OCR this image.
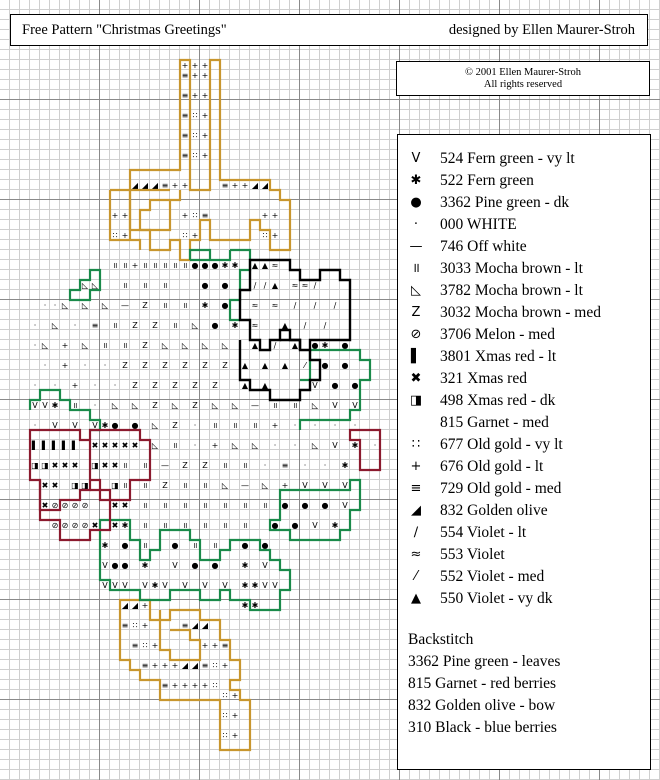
+ + +
≡ + +
≡ + +
≡ ∷ +
≡ ∷ +
≡ ∷ +
◢ ◢ ◢ ≡ + +	≡ + + ◢ ◢
+ +	+ ∷ ≡	+ +
∷ +	∷ +	∷ +
॥ ॥ + ॥ ॥ ॥ ॥ ॥ ● ● ● ✱ ✱ ▲ ▲ ≈
◺ ◺	॥ ॥ ॥	● ●	∕ ∕ ▲ ≈ ≈ ∕
· · ◺ ◺ ◺ — Z ॥ ॥ ✱ ●	≈ ≈ ∕ ∕ ∕
· ◺ · ≡ ॥ Z Z ॥ ◺ ● ✱ ≈	▲ ∕ ∕
· ◺ + ◺ ॥ ॥ Z ◺ ◺ ◺ ◺	▲ ∕ ▲ ● ✱ ●
· + · · Z Z Z Z Z Z ▲ ▲ ▲ ⁄ ● ●
· · + · · Z Z Z Z Z	▲ ▲	V ● ●
V V ✱ ॥ · ◺ ◺ Z ◺ Z ◺ ◺ — ॥ ॥ ◺ V V
· V V V ✱ ● ● ◺ Z · ॥ ॥ ॥ + · · · ·
▌ ▌ ▌ ▌ ▌ ✖ ✖ ✖ ✖ ✖ ◺ ॥ · + ◺ ◺ · · ◺ V ✱ ·
◨ ◨ ✖ ✖ ✖ ◨ ✖ ✖ ॥ ॥ — Z Z ॥ ॥ · ≡ · · ✱
✖ ✖ ◨ ◨	◨ ॥ ॥ Z ॥ ॥ ◺ — ◺ + V V V
✖ ⊘ ⊘ ⊘ ⊘	✖ ✖ ॥ ॥ ॥ ॥ ॥ ॥ ॥ ● ● ● V
⊘ ⊘ ⊘ ⊘ ✖ ✖ ✱ ॥ ॥ ॥ ॥ ॥ ॥	● ● V ✱
✱ ● ॥	● ॥ ॥	● ●
V ● ● ✱	V ● ●	✱ V
V V V V ✱ V V V V ✱ ✱ V V
✱ ✱
◢ ◢ +
≡ ∷ +	≡ ◢ ◢
≡ ∷ +	+ + ≡
≡ + + + ◢ ◢ ≡ ∷ +
≡ + + + + ∷
∷ +
∷ +
∷ +
Free Pattern "Christmas Greetings"	designed by Ellen Maurer-Stroh
© 2001 Ellen Maurer-Stroh
All rights reserved
V	524 Fern green - vy lt
✱ 522 Fern green
● 3362 Pine green - dk
·	000 WHITE
— 746 Off white
॥	3033 Mocha brown - lt
◺	3782 Mocha brown - lt
Z	3032 Mocha brown - med
⊘ 3706 Melon - med
▌	3801 Xmas red - lt
✖ 321 Xmas red
◨ 498 Xmas red - dk
815 Garnet - med
∷	677 Old gold - vy lt
+ 676 Old gold - lt
≡ 729 Old gold - med
◢	832 Golden olive
∕	554 Violet - lt
≈ 553 Violet
⁄	552 Violet - med
▲	550 Violet - vy dk
Backstitch
3362 Pine green - leaves
815 Garnet - red berries
832 Golden olive - bow
310 Black - blue berries
